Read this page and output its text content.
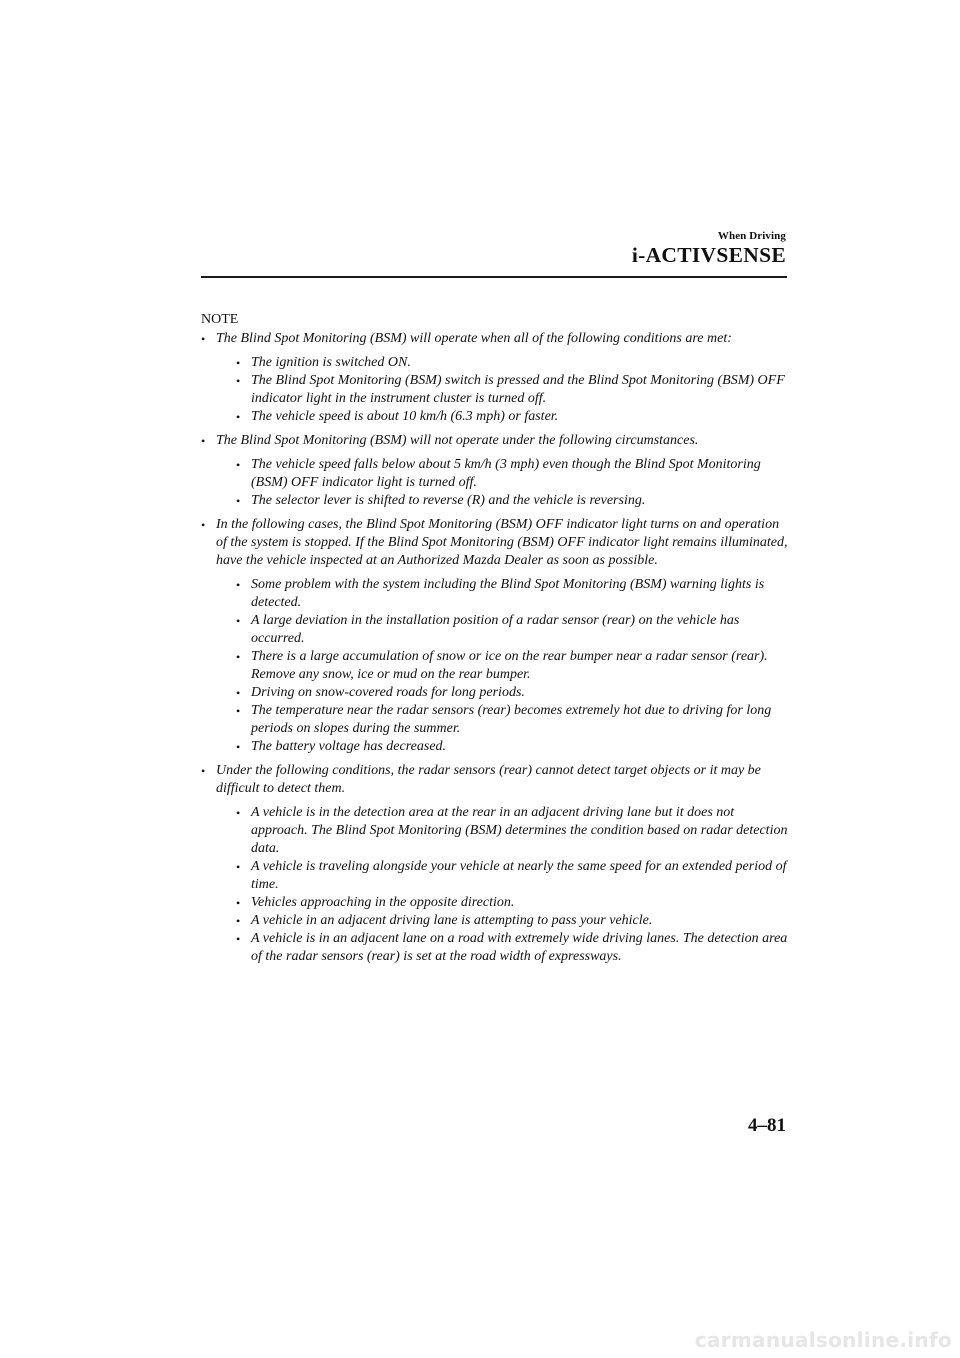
When Driving
i-ACTIVSENSE
NOTE
• The Blind Spot Monitoring (BSM) will operate when all of the following conditions are met:
• The ignition is switched ON.
• The Blind Spot Monitoring (BSM) switch is pressed and the Blind Spot Monitoring (BSM) OFF indicator light in the instrument cluster is turned off.
• The vehicle speed is about 10 km/h (6.3 mph) or faster.
• The Blind Spot Monitoring (BSM) will not operate under the following circumstances.
• The vehicle speed falls below about 5 km/h (3 mph) even though the Blind Spot Monitoring (BSM) OFF indicator light is turned off.
• The selector lever is shifted to reverse (R) and the vehicle is reversing.
• In the following cases, the Blind Spot Monitoring (BSM) OFF indicator light turns on and operation of the system is stopped. If the Blind Spot Monitoring (BSM) OFF indicator light remains illuminated, have the vehicle inspected at an Authorized Mazda Dealer as soon as possible.
• Some problem with the system including the Blind Spot Monitoring (BSM) warning lights is detected.
• A large deviation in the installation position of a radar sensor (rear) on the vehicle has occurred.
• There is a large accumulation of snow or ice on the rear bumper near a radar sensor (rear). Remove any snow, ice or mud on the rear bumper.
• Driving on snow-covered roads for long periods.
• The temperature near the radar sensors (rear) becomes extremely hot due to driving for long periods on slopes during the summer.
• The battery voltage has decreased.
• Under the following conditions, the radar sensors (rear) cannot detect target objects or it may be difficult to detect them.
• A vehicle is in the detection area at the rear in an adjacent driving lane but it does not approach. The Blind Spot Monitoring (BSM) determines the condition based on radar detection data.
• A vehicle is traveling alongside your vehicle at nearly the same speed for an extended period of time.
• Vehicles approaching in the opposite direction.
• A vehicle in an adjacent driving lane is attempting to pass your vehicle.
• A vehicle is in an adjacent lane on a road with extremely wide driving lanes. The detection area of the radar sensors (rear) is set at the road width of expressways.
4–81
carmanualsonline.info
